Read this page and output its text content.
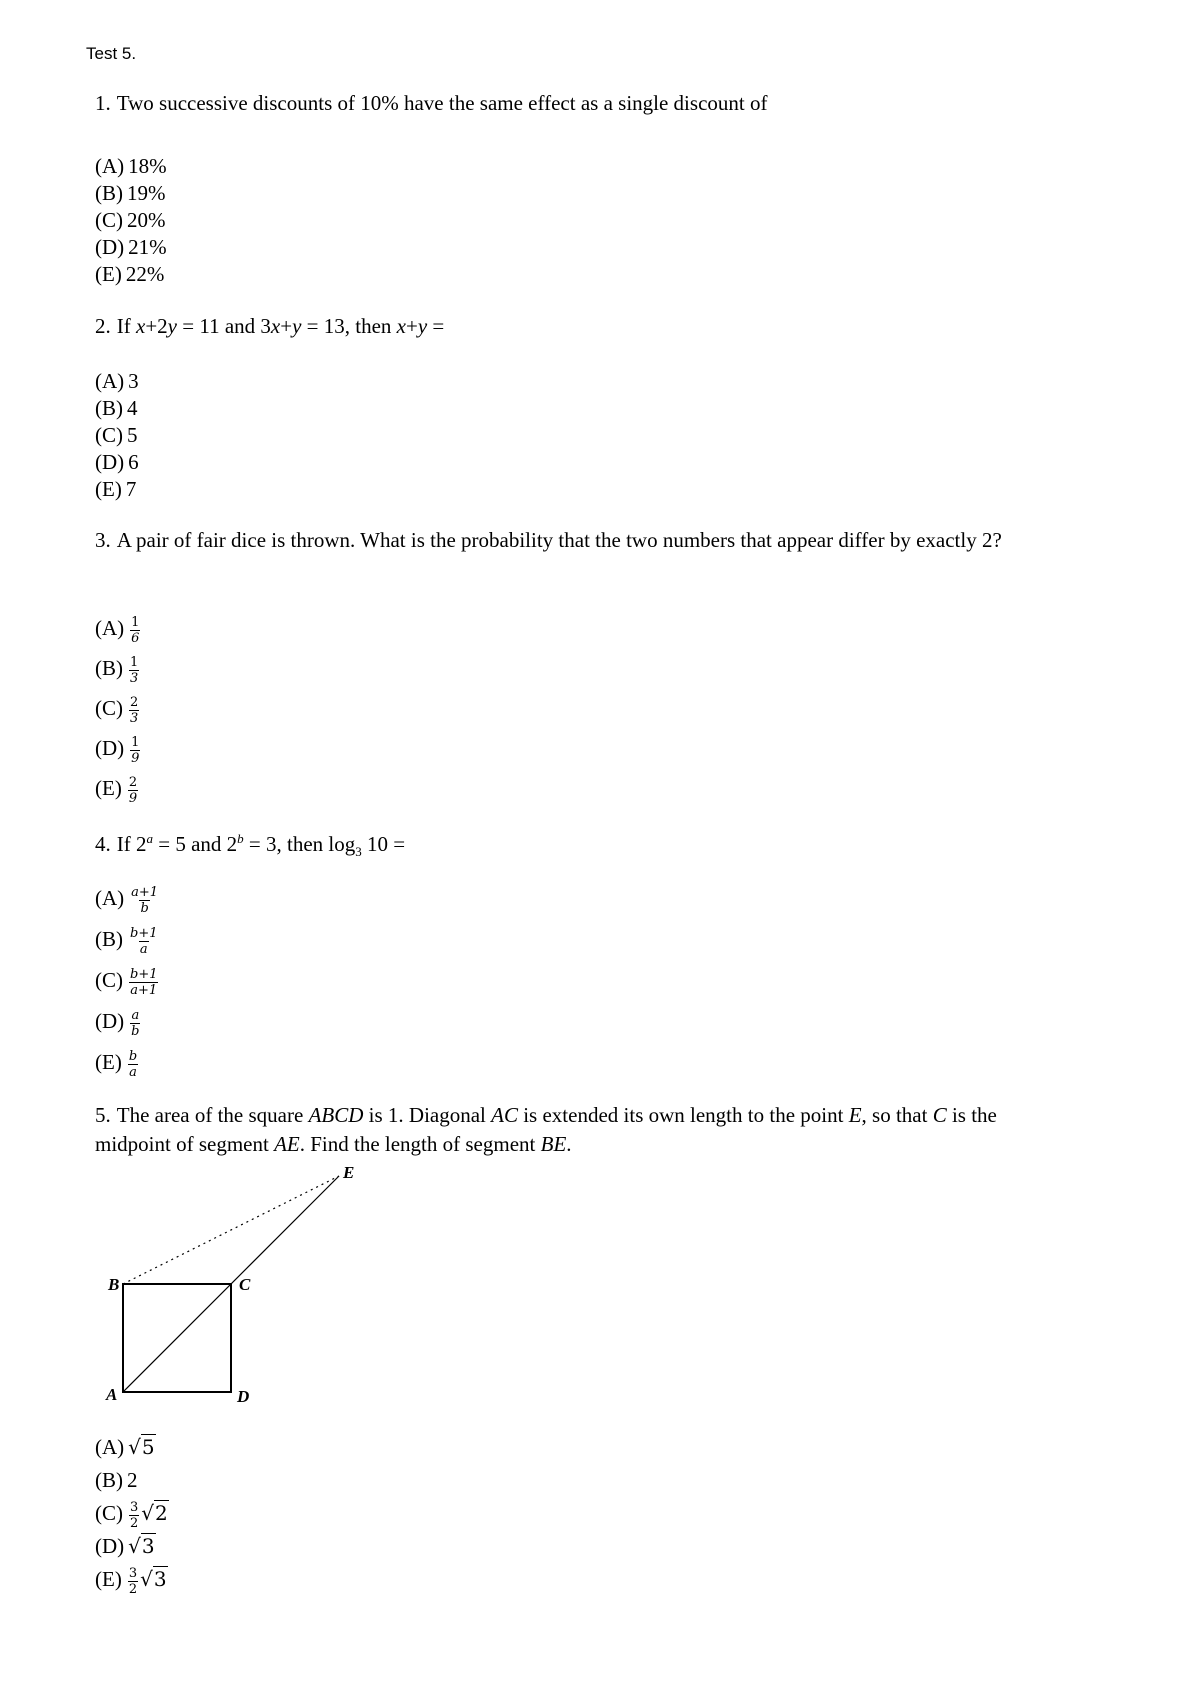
Test 5.
1. Two successive discounts of 10% have the same effect as a single discount of
(A) 18%
(B) 19%
(C) 20%
(D) 21%
(E) 22%
2. If x+2y = 11 and 3x+y = 13, then x+y =
(A) 3
(B) 4
(C) 5
(D) 6
(E) 7
3. A pair of fair dice is thrown. What is the probability that the two numbers that appear differ by exactly 2?
$(A) \frac{1}{6}$
$(B) \frac{1}{3}$
$(C) \frac{2}{3}$
$(D) \frac{1}{9}$
$(E) \frac{2}{9}$
4. If $2^a = 5$ and $2^b = 3$, then $\log_3 10$ =
$(A) \frac{a+1}{b}$
$(B) \frac{b+1}{a}$
$(C) \frac{b+1}{a+1}$
$(D) \frac{a}{b}$
$(E) \frac{b}{a}$
5. The area of the square ABCD is 1. Diagonal AC is extended its own length to the point E, so that C is the midpoint of segment AE. Find the length of segment BE.
A
B	C
D
E
(A) √5
(B) 2
$(C) \frac{3}{2} √2$
(D) √3
$(E) \frac{3}{2} √3$
